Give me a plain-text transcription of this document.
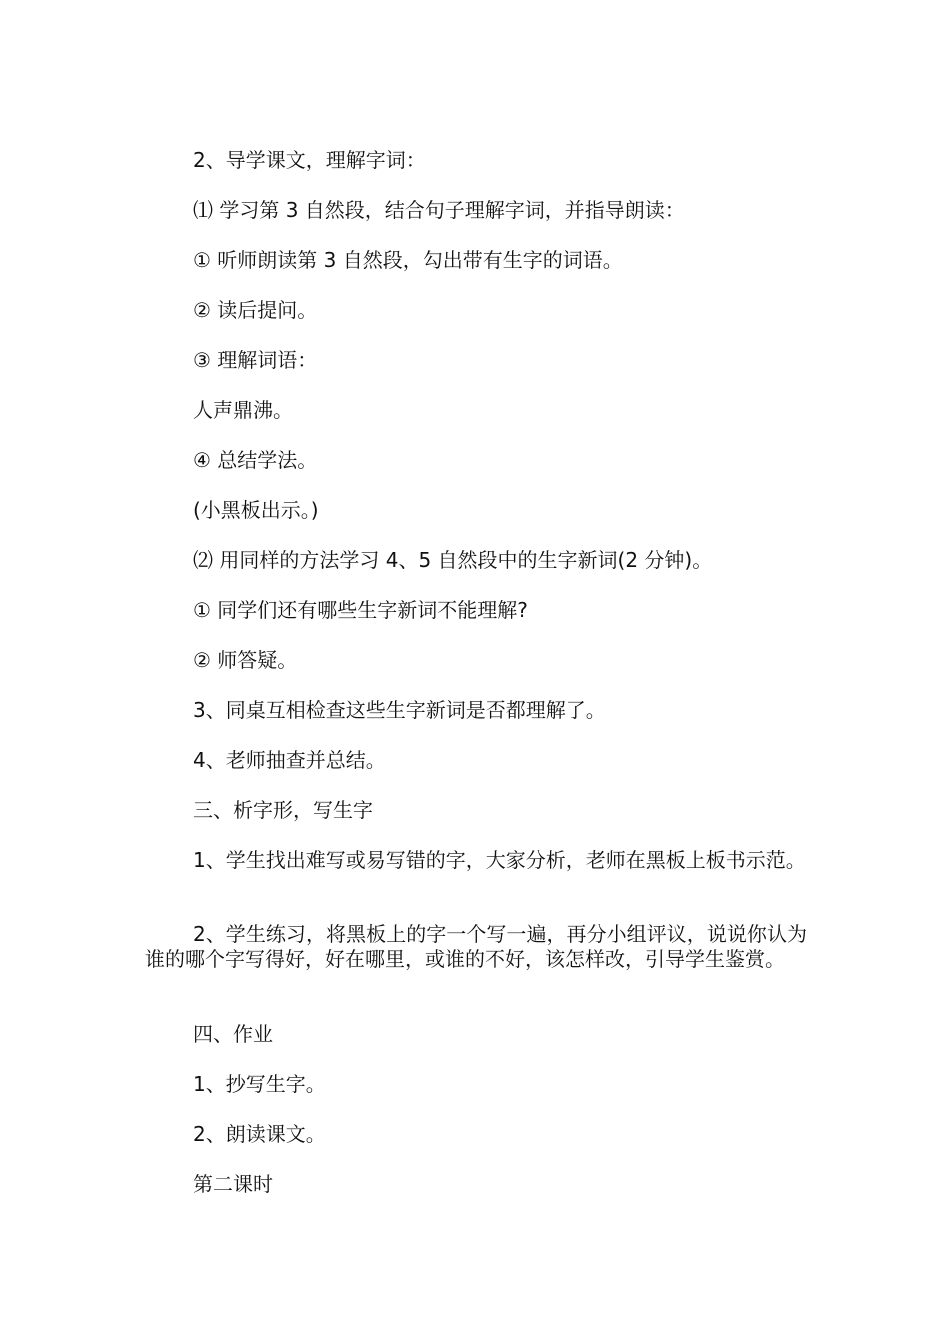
2、导学课文，理解字词：

⑴ 学习第 3 自然段，结合句子理解字词，并指导朗读：

① 听师朗读第 3 自然段，勾出带有生字的词语。

② 读后提问。

③ 理解词语：

人声鼎沸。

④ 总结学法。

(小黑板出示。)

⑵ 用同样的方法学习 4、5 自然段中的生字新词(2 分钟)。

① 同学们还有哪些生字新词不能理解?

② 师答疑。

3、同桌互相检查这些生字新词是否都理解了。

4、老师抽查并总结。

三、析字形，写生字

1、学生找出难写或易写错的字，大家分析，老师在黑板上板书示范。

2、学生练习，将黑板上的字一个写一遍，再分小组评议，说说你认为谁的哪个字写得好，好在哪里，或谁的不好，该怎样改，引导学生鉴赏。

四、作业

1、抄写生字。

2、朗读课文。

第二课时
